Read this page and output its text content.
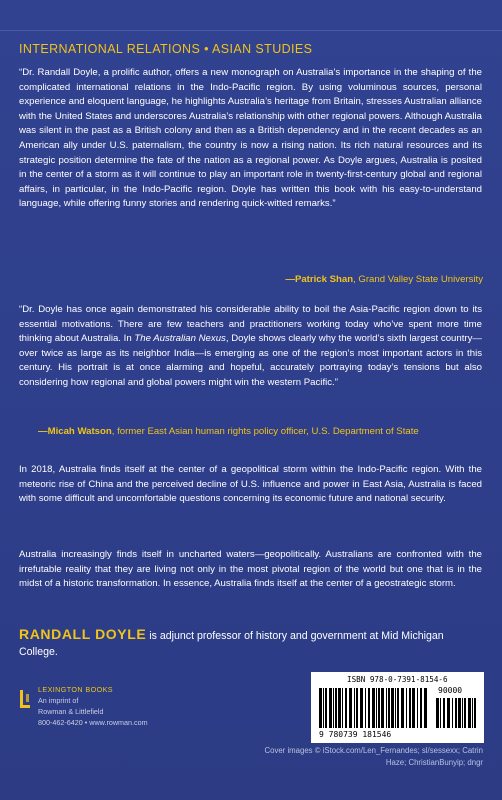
INTERNATIONAL RELATIONS • ASIAN STUDIES
“Dr. Randall Doyle, a prolific author, offers a new monograph on Australia’s importance in the shaping of the complicated international relations in the Indo-Pacific region. By using voluminous sources, personal experience and eloquent language, he highlights Australia’s heritage from Britain, stresses Australian alliance with the United States and underscores Australia’s relationship with other regional powers. Although Australia was silent in the past as a British colony and then as a British dependency and in the recent decades as an American ally under U.S. paternalism, the country is now a rising nation. Its rich natural resources and its strategic position determine the fate of the nation as a regional power. As Doyle argues, Australia is posited in the center of a storm as it will continue to play an important role in twenty-first-century global and regional affairs, in particular, in the Indo-Pacific region. Doyle has written this book with his easy-to-understand language, while offering funny stories and rendering quick-witted remarks.”
—Patrick Shan, Grand Valley State University
“Dr. Doyle has once again demonstrated his considerable ability to boil the Asia-Pacific region down to its essential motivations. There are few teachers and practitioners working today who’ve spent more time thinking about Australia. In The Australian Nexus, Doyle shows clearly why the world’s sixth largest country—over twice as large as its neighbor India—is emerging as one of the region’s most important actors in this century. His portrait is at once alarming and hopeful, accurately portraying today’s tensions but also considering how regional and global powers might win the western Pacific.”
—Micah Watson, former East Asian human rights policy officer, U.S. Department of State
In 2018, Australia finds itself at the center of a geopolitical storm within the Indo-Pacific region. With the meteoric rise of China and the perceived decline of U.S. influence and power in East Asia, Australia is faced with some difficult and uncomfortable questions concerning its economic future and national security.
Australia increasingly finds itself in uncharted waters—geopolitically. Australians are confronted with the irrefutable reality that they are living not only in the most pivotal region of the world but one that is in the midst of a historic transformation. In essence, Australia finds itself at the center of a geostrategic storm.
RANDALL DOYLE is adjunct professor of history and government at Mid Michigan College.
LEXINGTON BOOKS
An imprint of
Rowman & Littlefield
800-462-6420 • www.rowman.com
ISBN 978-0-7391-8154-6
90000
9 780739 181546
Cover images © iStock.com/Len_Fernandes; sl/sessexx; Catrin Haze; ChristianBunyip; dngr
